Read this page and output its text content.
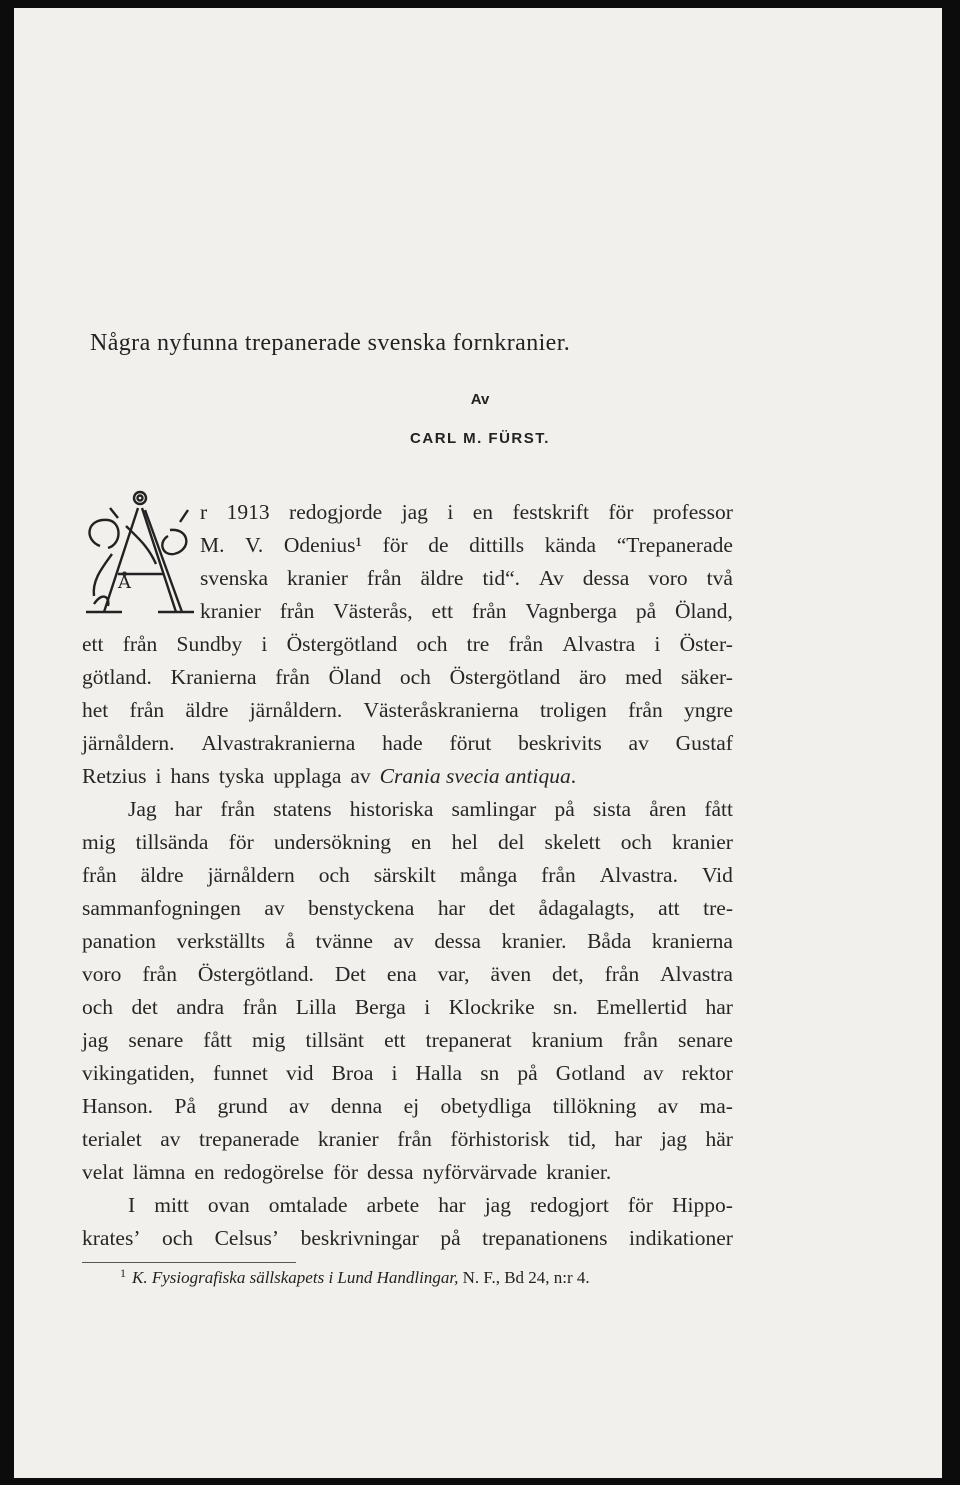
Några nyfunna trepanerade svenska fornkranier.
Av
CARL M. FÜRST.
Å
r 1913 redogjorde jag i en festskrift för professor
M. V. Odenius¹ för de dittills kända “Trepanerade
svenska kranier från äldre tid“. Av dessa voro två
kranier från Västerås, ett från Vagnberga på Öland,
ett från Sundby i Östergötland och tre från Alvastra i Öster-
götland. Kranierna från Öland och Östergötland äro med säker-
het från äldre järnåldern. Västeråskranierna troligen från yngre
järnåldern. Alvastrakranierna hade förut beskrivits av Gustaf
Retzius i hans tyska upplaga av Crania svecia antiqua .
Jag har från statens historiska samlingar på sista åren fått
mig tillsända för undersökning en hel del skelett och kranier
från äldre järnåldern och särskilt många från Alvastra. Vid
sammanfogningen av benstyckena har det ådagalagts, att tre-
panation verkställts å tvänne av dessa kranier. Båda kranierna
voro från Östergötland. Det ena var, även det, från Alvastra
och det andra från Lilla Berga i Klockrike sn. Emellertid har
jag senare fått mig tillsänt ett trepanerat kranium från senare
vikingatiden, funnet vid Broa i Halla sn på Gotland av rektor
Hanson. På grund av denna ej obetydliga tillökning av ma-
terialet av trepanerade kranier från förhistorisk tid, har jag här
velat lämna en redogörelse för dessa nyförvärvade kranier.
I mitt ovan omtalade arbete har jag redogjort för Hippo-
krates’ och Celsus’ beskrivningar på trepanationens indikationer
1 K. Fysiografiska sällskapets i Lund Handlingar, N. F., Bd 24, n:r 4.
